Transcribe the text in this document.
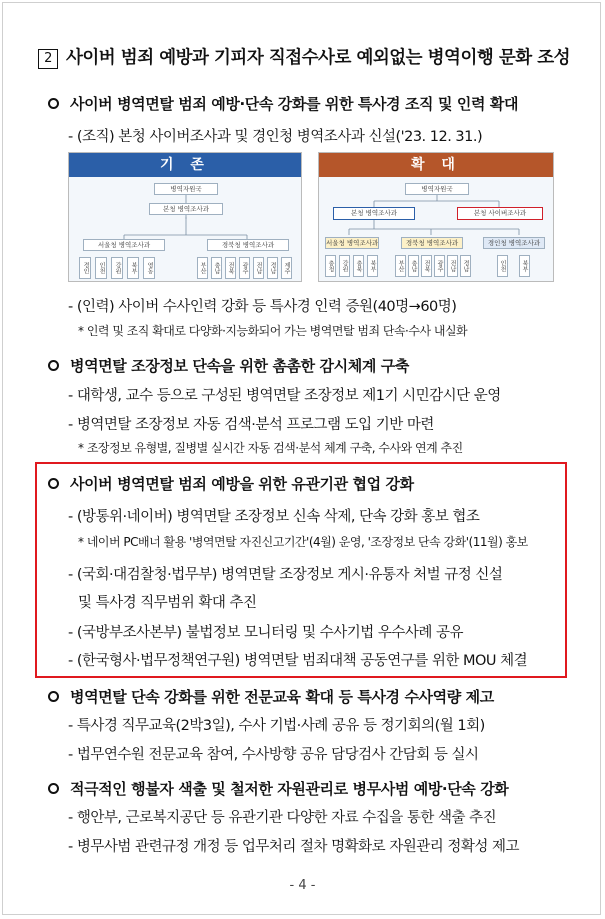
2 사이버 범죄 예방과 기피자 직접수사로 예외없는 병역이행 문화 조성
사이버 병역면탈 범죄 예방·단속 강화를 위한 특사경 조직 및 인력 확대
- (조직) 본청 사이버조사과 및 경인청 병역조사과 신설('23. 12. 31.)
기 존
병역자원국
본청 병역조사과
서울청 병역조사과	경북청 병역조사과
경인	인천	강원	북부	영동	부산	충남	전북	광주	전남	경남	제주
확 대
병역자원국
본청 병역조사과	본청 사이버조사과
서울청 병역조사과	경북청 병역조사과	경인청 병역조사과
충청	강원	충북	북부	부산	충남	전북	광주	전남	경남	인천	북부
- (인력) 사이버 수사인력 강화 등 특사경 인력 증원(40명→60명)
* 인력 및 조직 확대로 다양화·지능화되어 가는 병역면탈 범죄 단속·수사 내실화
병역면탈 조장정보 단속을 위한 촘촘한 감시체계 구축
- 대학생, 교수 등으로 구성된 병역면탈 조장정보 제1기 시민감시단 운영
- 병역면탈 조장정보 자동 검색·분석 프로그램 도입 기반 마련
* 조장정보 유형별, 질병별 실시간 자동 검색·분석 체계 구축, 수사와 연계 추진
사이버 병역면탈 범죄 예방을 위한 유관기관 협업 강화
- (방통위·네이버) 병역면탈 조장정보 신속 삭제, 단속 강화 홍보 협조
* 네이버 PC배너 활용 '병역면탈 자진신고기간'(4월) 운영, '조장정보 단속 강화'(11월) 홍보
- (국회·대검찰청·법무부) 병역면탈 조장정보 게시·유통자 처벌 규정 신설
및 특사경 직무범위 확대 추진
- (국방부조사본부) 불법정보 모니터링 및 수사기법 우수사례 공유
- (한국형사·법무정책연구원) 병역면탈 범죄대책 공동연구를 위한 MOU 체결
병역면탈 단속 강화를 위한 전문교육 확대 등 특사경 수사역량 제고
- 특사경 직무교육(2박3일), 수사 기법·사례 공유 등 정기회의(월 1회)
- 법무연수원 전문교육 참여, 수사방향 공유 담당검사 간담회 등 실시
적극적인 행불자 색출 및 철저한 자원관리로 병무사범 예방·단속 강화
- 행안부, 근로복지공단 등 유관기관 다양한 자료 수집을 통한 색출 추진
- 병무사범 관련규정 개정 등 업무처리 절차 명확화로 자원관리 정확성 제고
- 4 -
